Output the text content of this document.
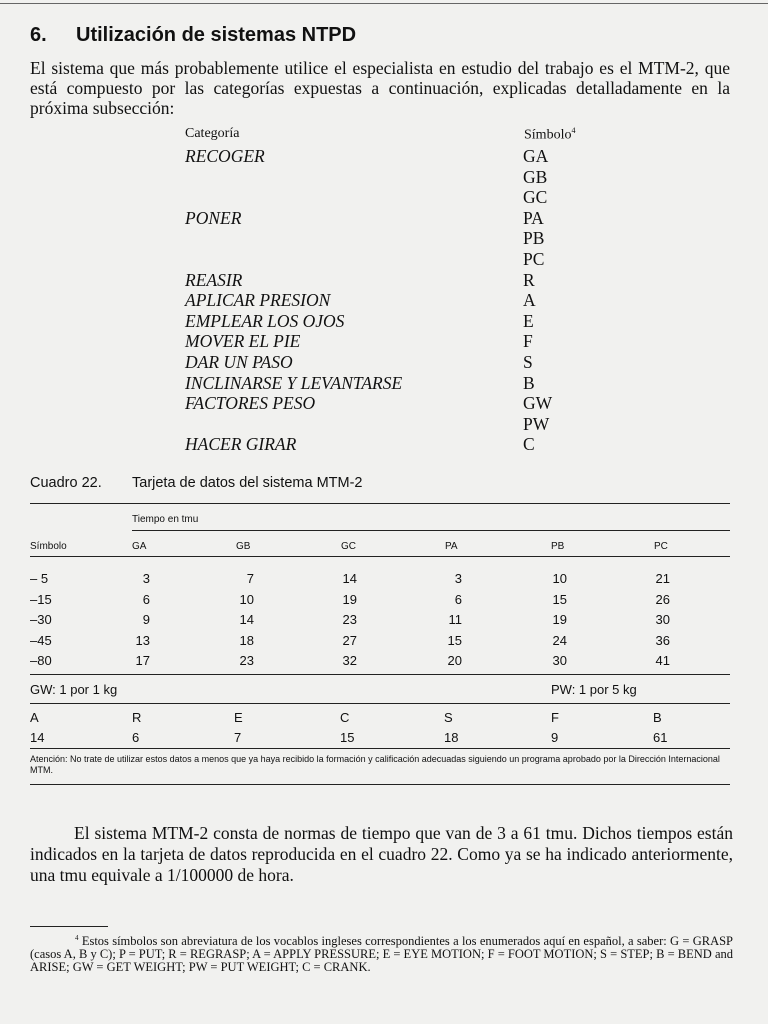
6. Utilización de sistemas NTPD

El sistema que más probablemente utilice el especialista en estudio del trabajo es el MTM-2, que está compuesto por las categorías expuestas a continuación, explicadas detalladamente en la próxima subsección:

Categoría	Símbolo$^4$
RECOGER	GA
GB
GC
PONER	PA
PB
PC
REASIR	R
APLICAR PRESION	A
EMPLEAR LOS OJOS	E
MOVER EL PIE	F
DAR UN PASO	S
INCLINARSE Y LEVANTARSE	B
FACTORES PESO	GW
PW
HACER GIRAR	C
Cuadro 22. Tarjeta de datos del sistema MTM-2
Tiempo en tmu
Símbolo	GA	GB	GC	PA	PB	PC
– 5	3	7	14	3	10	21
–15	6	10	19	6	15	26
–30	9	14	23	11	19	30
–45	13	18	27	15	24	36
–80	17	23	32	20	30	41
GW: 1 por 1 kg	PW: 1 por 5 kg
A	R	E	C	S	F	B
14	6	7	15	18	9	61

Atención: No trate de utilizar estos datos a menos que ya haya recibido la formación y calificación adecuadas siguiendo un programa aprobado por la Dirección Internacional MTM.

El sistema MTM-2 consta de normas de tiempo que van de 3 a 61 tmu. Dichos tiempos están indicados en la tarjeta de datos reproducida en el cuadro 22. Como ya se ha indicado anteriormente, una tmu equivale a 1/100000 de hora.

$^4$ Estos símbolos son abreviatura de los vocablos ingleses correspondientes a los enumerados aquí en español, a saber: G = GRASP (casos A, B y C); P = PUT; R = REGRASP; A = APPLY PRESSURE; E = EYE MOTION; F = FOOT MOTION; S = STEP; B = BEND and ARISE; GW = GET WEIGHT; PW = PUT WEIGHT; C = CRANK.
